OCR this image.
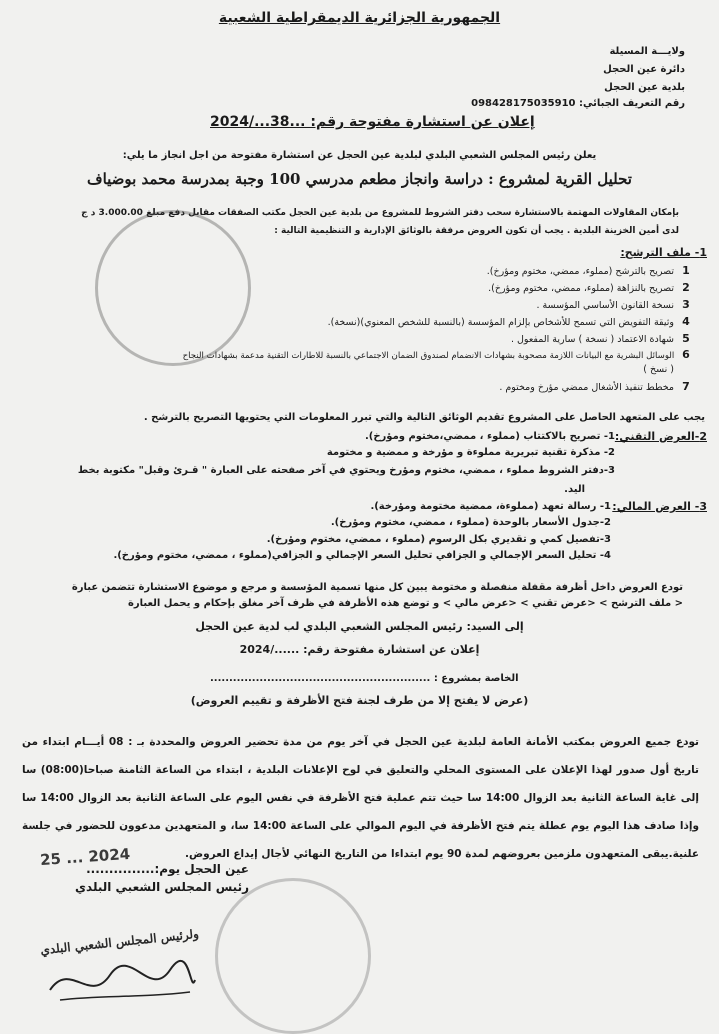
الجمهورية الجزائرية الديمقراطية الشعبية
ولايـــة المسيلة
دائرة عين الحجل
بلدية عين الحجل
رقم التعريف الجبائي: 098428175035910
إعلان عن استشارة مفتوحة رقم: ...38.../2024
يعلن رئيس المجلس الشعبي البلدي لبلدية عين الحجل عن استشارة مفتوحة من اجل انجاز ما يلي:
تحليل القرية لمشروع : دراسة وانجاز مطعم مدرسي 100 وجبة بمدرسة محمد بوضياف
بإمكان المقاولات المهتمة بالاستشارة سحب دفتر الشروط للمشروع من بلدية عين الحجل مكتب الصفقات مقابل دفع مبلغ 3.000.00 د ج
لدى أمين الخزينة البلدية . يجب أن تكون العروض مرفقة بالوثائق الإدارية و التنظيمية التالية :
1- ملف الترشح:
1 تصريح بالترشح (مملوء، ممضي، مختوم ومؤرخ).
2 تصريح بالنزاهة (مملوء، ممضي، مختوم ومؤرخ).
3 نسخة القانون الأساسي المؤسسة .
4 وثيقة التفويض التي تسمح للأشخاص بإلزام المؤسسة (بالنسبة للشخص المعنوي)(نسخة).
5 شهادة الاعتماد ( نسخة ) سارية المفعول .
6 الوسائل البشرية مع البيانات اللازمة مصحوبة بشهادات الانضمام لصندوق الضمان الاجتماعي بالنسبة للاطارات التقنية مدعمة بشهادات النجاح
( نسخ )
7 مخطط تنفيذ الأشغال ممضي مؤرخ ومختوم .
يجب على المتعهد الحاصل على المشروع تقديم الوثائق التالية والتي تبرر المعلومات التي يحتويها التصريح بالترشح .
2-العرض التقني:
1- تصريح بالاكتتاب (مملوء ، ممضي،مختوم ومؤرخ).
2- مذكرة تقنية تبريرية مملوءة و مؤرخة و ممضية و مختومة
3-دفتر الشروط مملوء ، ممضي، مختوم ومؤرخ ويحتوي في آخر صفحته على العبارة " قـرئ وقبل" مكتوبة بخط
اليد.
3- العرض المالي:
1- رسالة تعهد (مملوءة، ممضية مختومة ومؤرخة).
2-جدول الأسعار بالوحدة (مملوء ، ممضي، مختوم ومؤرخ).
3-تفصيل كمي و تقديري بكل الرسوم (مملوء ، ممضي، مختوم ومؤرخ).
4- تحليل السعر الإجمالي و الجزافي تحليل السعر الإجمالي و الجزافي(مملوء ، ممضي، مختوم ومؤرخ).
تودع العروض داخل أظرفة مقفلة منفصلة و مختومة يبين كل منها تسمية المؤسسة و مرجع و موضوع الاستشارة تتضمن عبارة
< ملف الترشح > <عرض تقني > <عرض مالي > و توضع هذه الأظرفة في ظرف آخر مغلق بإحكام و يحمل العبارة
إلى السيد: رئيس المجلس الشعبي البلدي لب لدية عين الحجل
إعلان عن استشارة مفتوحة رقم: ....../2024
الخاصة بمشروع : ..........................................................
(عرض لا يفتح إلا من طرف لجنة فتح الأظرفة و تقييم العروض)
تودع جميع العروض بمكتب الأمانة العامة لبلدية عين الحجل في آخر يوم من مدة تحضير العروض والمحددة بـ : 08 أيـــام ابتداء من تاريخ أول صدور لهذا الإعلان على المستوى المحلي والتعليق في لوح الإعلانات البلدية ، ابتداء من الساعة الثامنة صباحا(08:00) سا إلى غاية الساعة الثانية بعد الزوال 14:00 سا حيث تتم عملية فتح الأظرفة في نفس اليوم على الساعة الثانية بعد الزوال 14:00 سا وإذا صادف هذا اليوم يوم عطلة يتم فتح الأظرفة في اليوم الموالي على الساعة 14:00 سا، و المتعهدين مدعوون للحضور في جلسة علنية.يبقى المتعهدون ملزمين بعروضهم لمدة 90 يوم ابتداءا من التاريخ النهائي لأجال إيداع العروض.
2024 ... 25
عين الحجل يوم:...............
رئيس المجلس الشعبي البلدي
ولرئيس المجلس الشعبي البلدي
